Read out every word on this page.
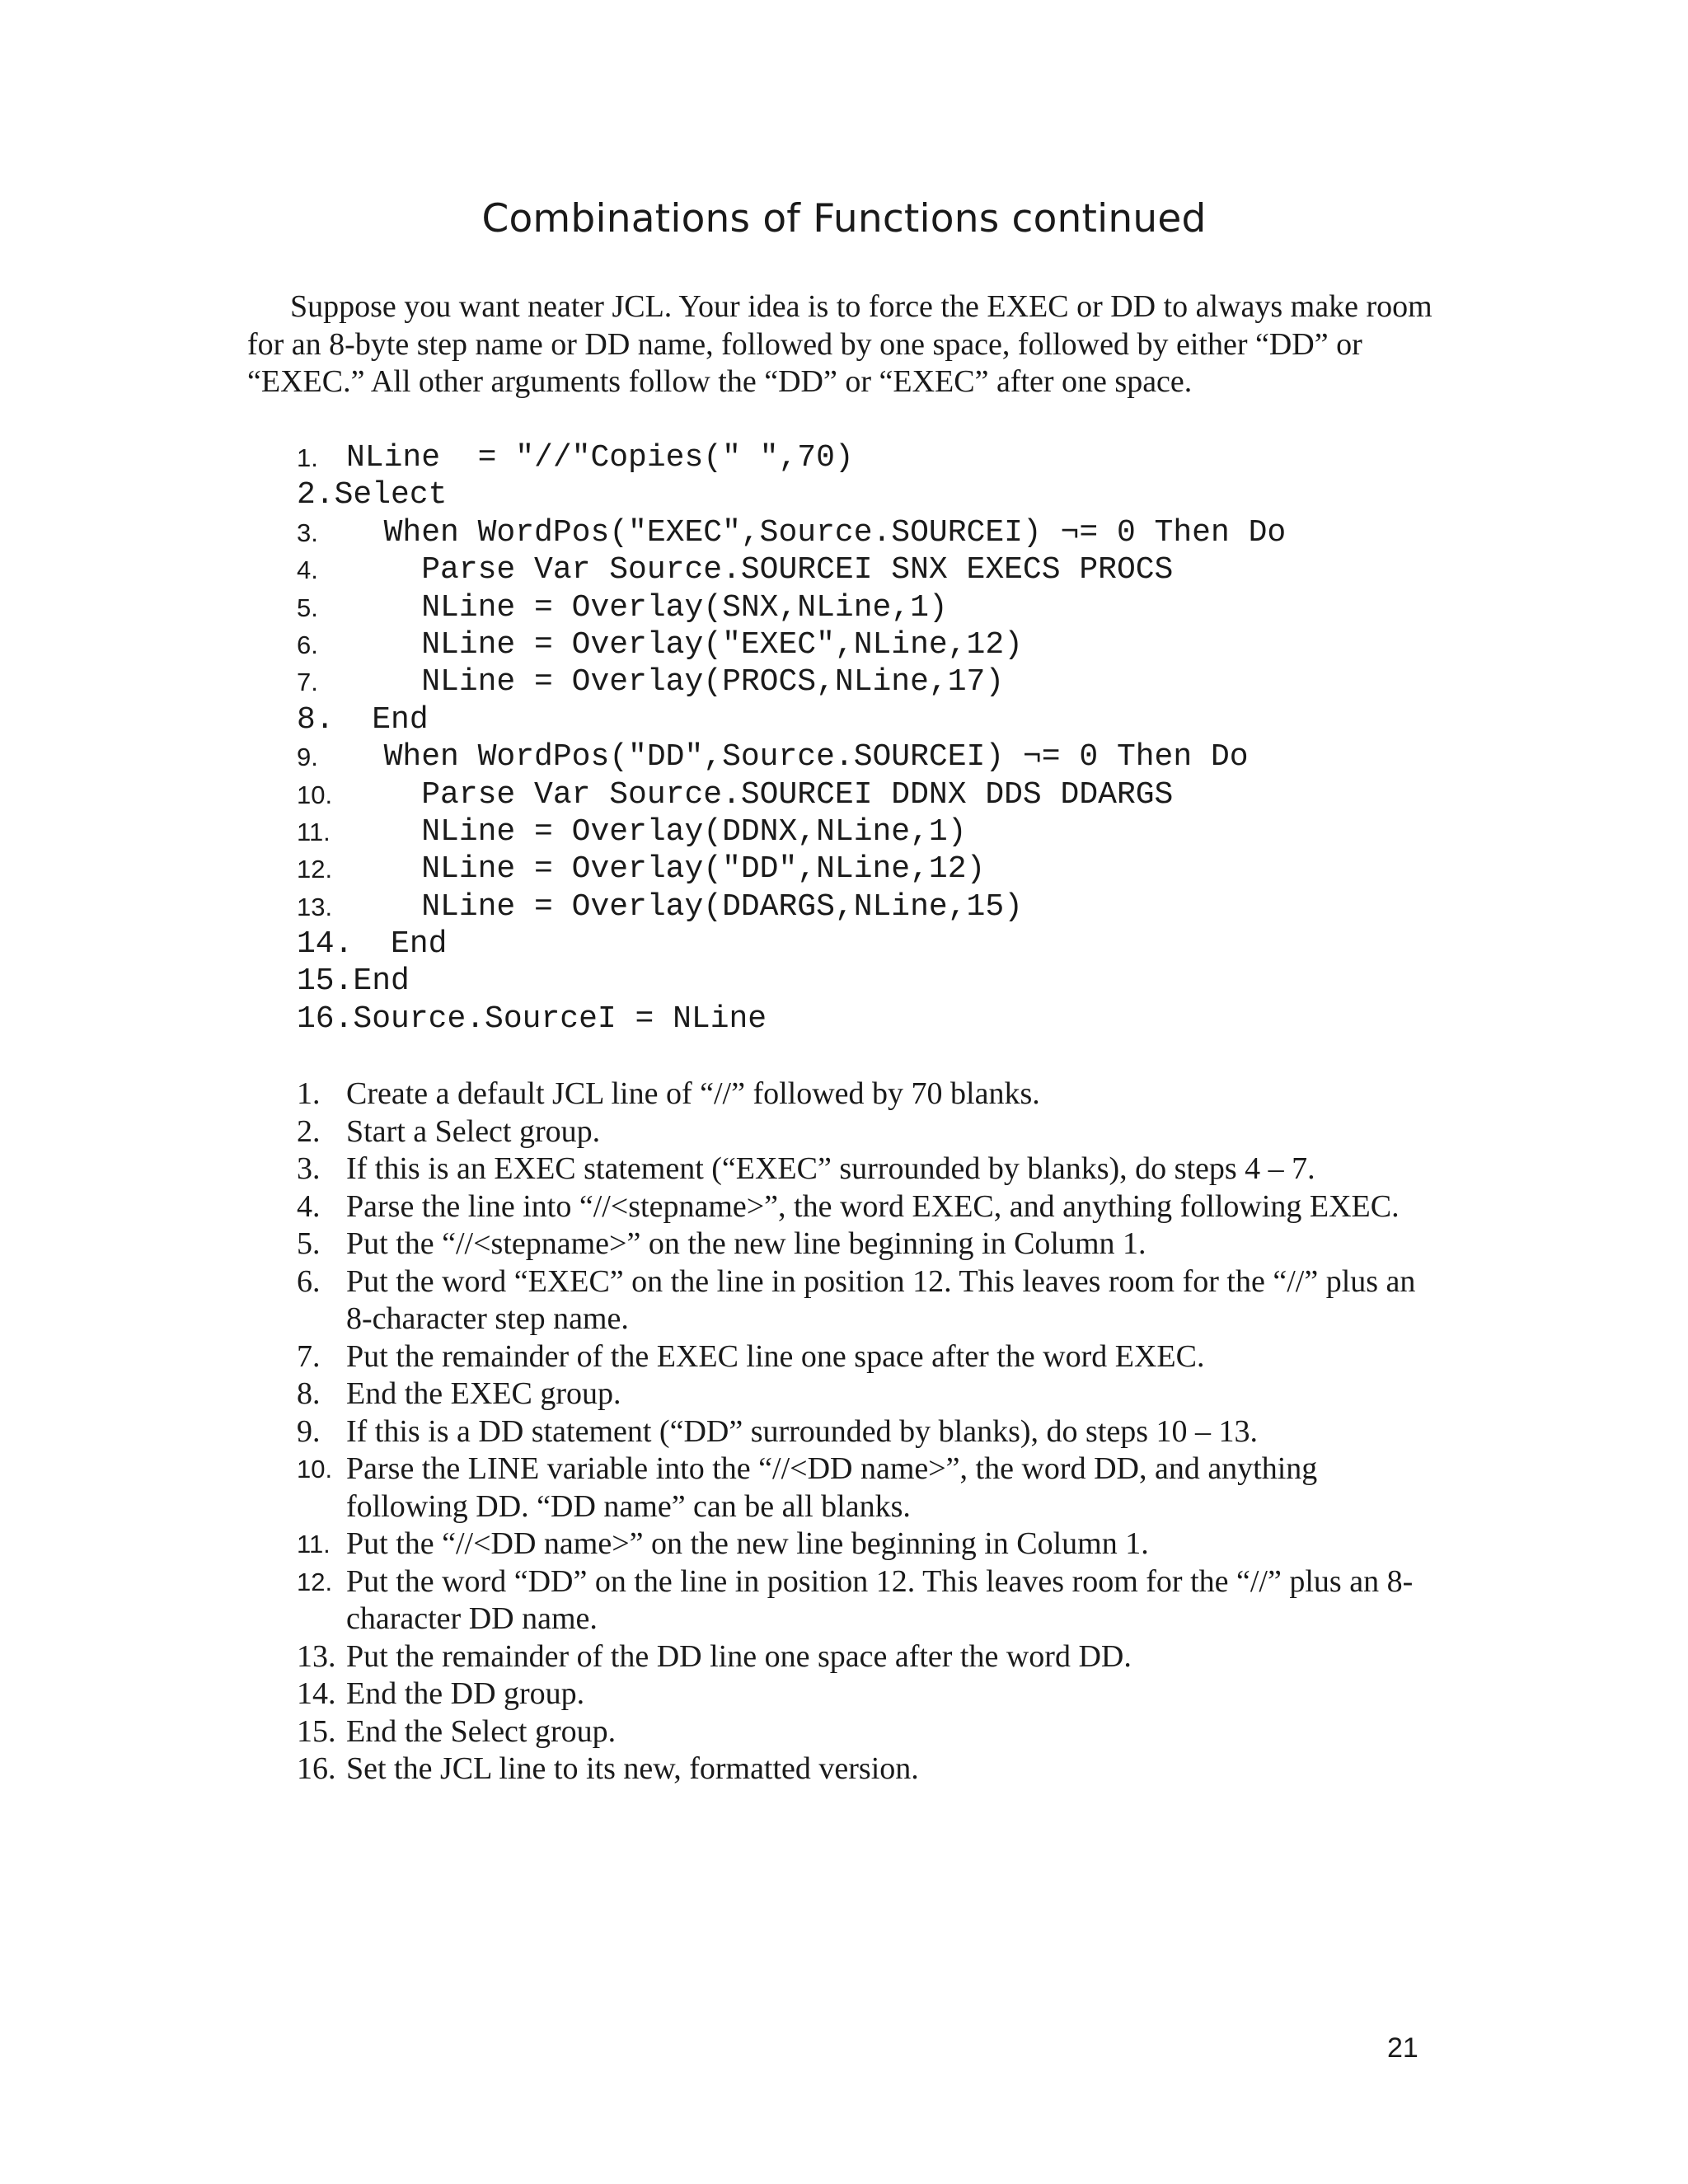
Combinations of Functions continued

Suppose you want neater JCL. Your idea is to force the EXEC or DD to always make room for an 8-byte step name or DD name, followed by one space, followed by either “DD” or “EXEC.” All other arguments follow the “DD” or “EXEC” after one space.

1. NLine  = "//"Copies(" ",70)
2. Select
3. When WordPos("EXEC",Source.SOURCEI) ¬= 0 Then Do
4. Parse Var Source.SOURCEI SNX EXECS PROCS
5. NLine = Overlay(SNX,NLine,1)
6. NLine = Overlay("EXEC",NLine,12)
7. NLine = Overlay(PROCS,NLine,17)
8. End
9. When WordPos("DD",Source.SOURCEI) ¬= 0 Then Do
10. Parse Var Source.SOURCEI DDNX DDS DDARGS
11. NLine = Overlay(DDNX,NLine,1)
12. NLine = Overlay("DD",NLine,12)
13. NLine = Overlay(DDARGS,NLine,15)
14. End
15. End
16. Source.SourceI = NLine
1. Create a default JCL line of “//” followed by 70 blanks.
2. Start a Select group.
3. If this is an EXEC statement (“EXEC” surrounded by blanks), do steps 4 – 7.
4. Parse the line into “//<stepname>”, the word EXEC, and anything following EXEC.
5. Put the “//<stepname>” on the new line beginning in Column 1.
6. Put the word “EXEC” on the line in position 12. This leaves room for the “//” plus an 8-character step name.
7. Put the remainder of the EXEC line one space after the word EXEC.
8. End the EXEC group.
9. If this is a DD statement (“DD” surrounded by blanks), do steps 10 – 13.
10. Parse the LINE variable into the “//<DD name>”, the word DD, and anything following DD. “DD name” can be all blanks.
11. Put the “//<DD name>” on the new line beginning in Column 1.
12. Put the word “DD” on the line in position 12. This leaves room for the “//” plus an 8-character DD name.
13. Put the remainder of the DD line one space after the word DD.
14. End the DD group.
15. End the Select group.
16. Set the JCL line to its new, formatted version.
21
